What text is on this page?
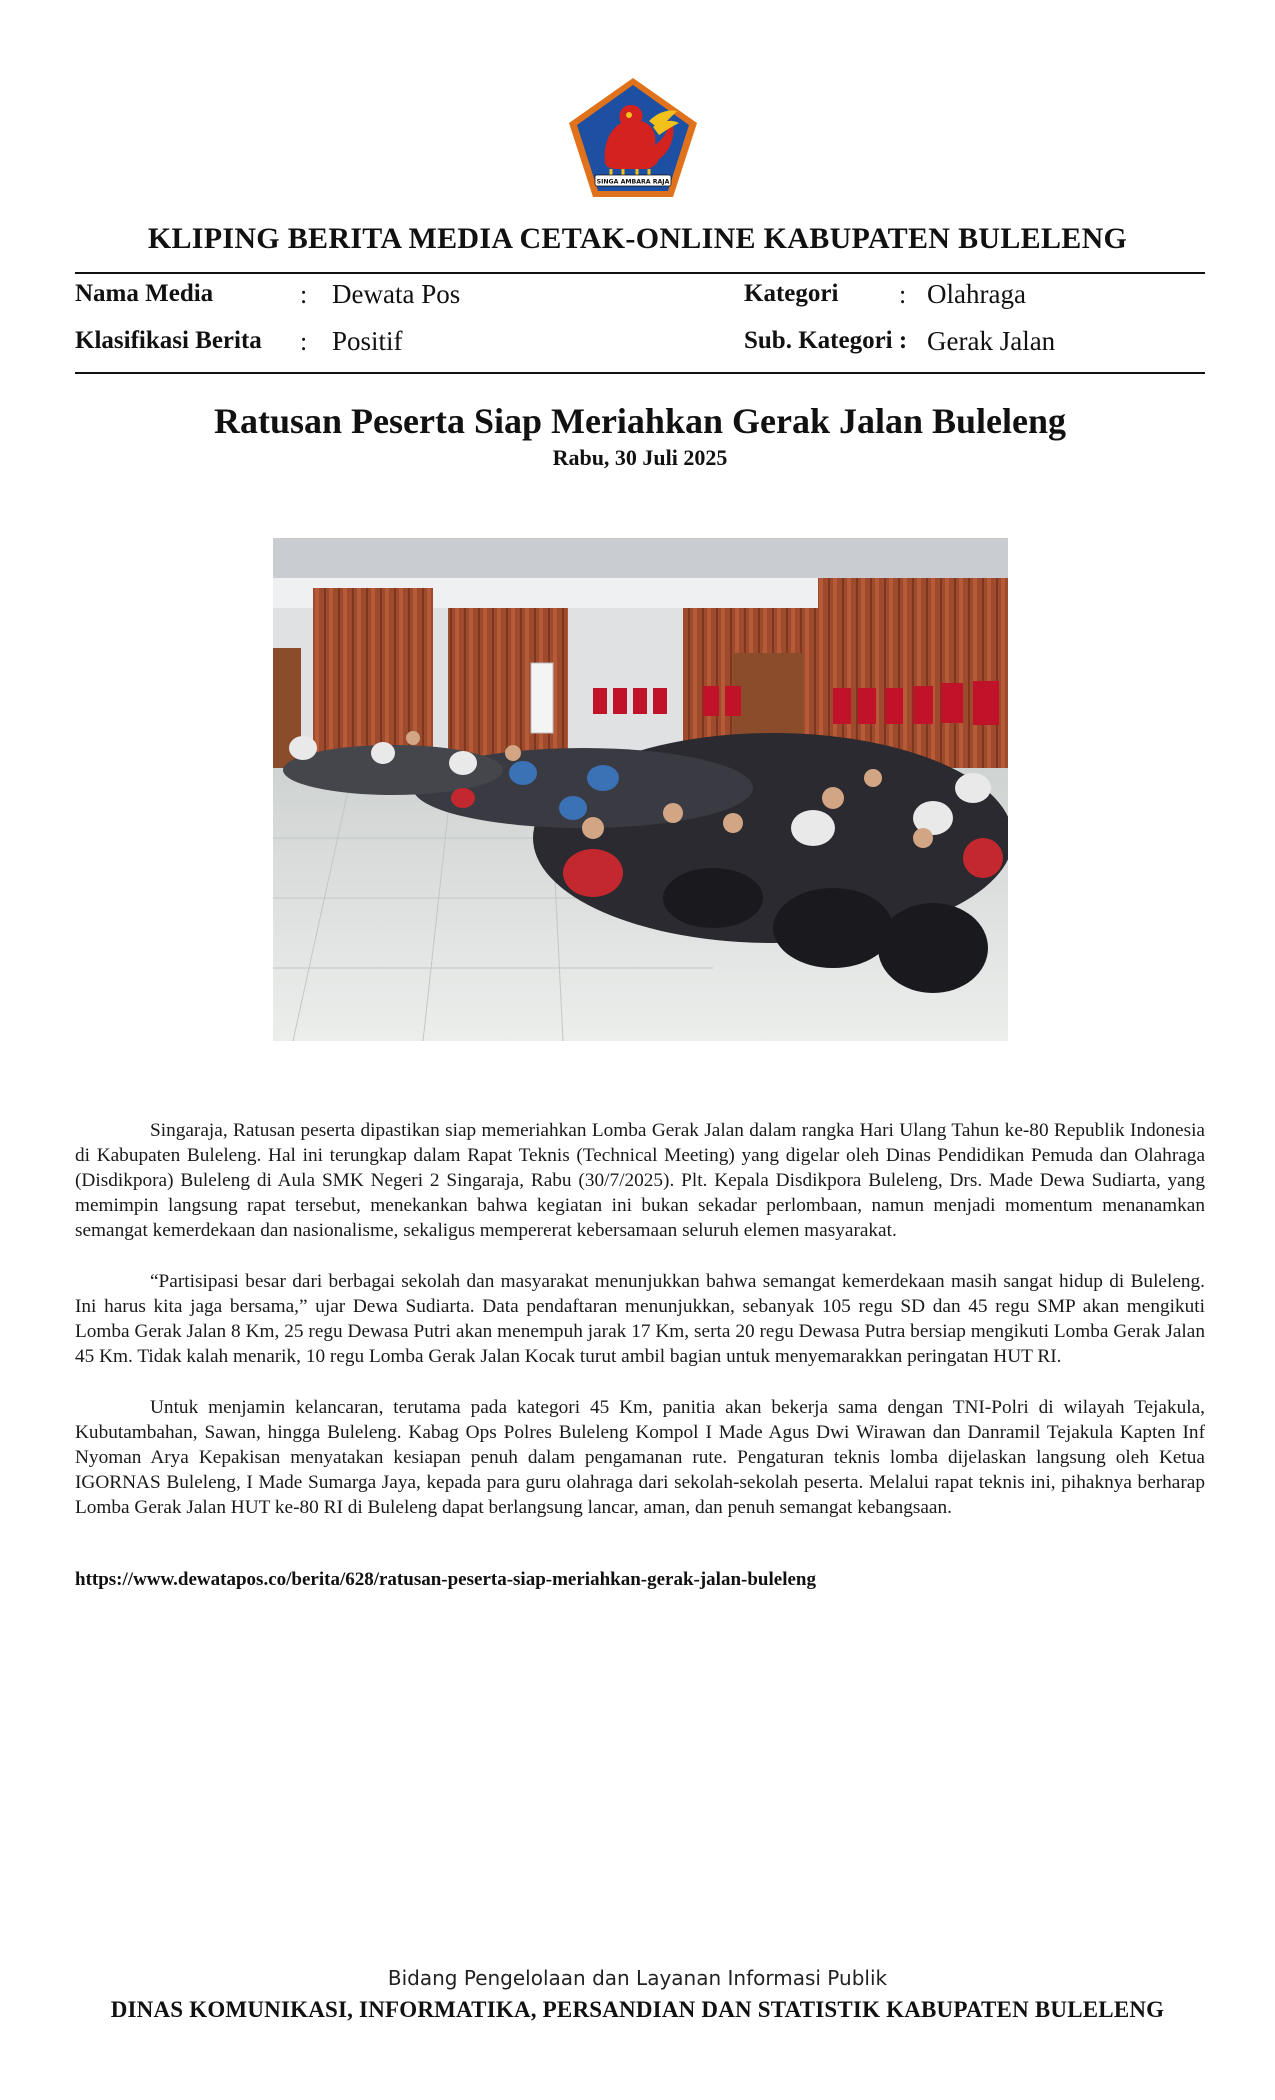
SINGA AMBARA RAJA
KLIPING BERITA MEDIA CETAK-ONLINE KABUPATEN BULELENG
Nama Media	: Dewata Pos	Kategori : Olahraga
Klasifikasi Berita : Positif	Sub. Kategori : Gerak Jalan
Ratusan Peserta Siap Meriahkan Gerak Jalan Buleleng
Rabu, 30 Juli 2025

Singaraja, Ratusan peserta dipastikan siap memeriahkan Lomba Gerak Jalan dalam rangka Hari Ulang Tahun ke-80 Republik Indonesia di Kabupaten Buleleng. Hal ini terungkap dalam Rapat Teknis (Technical Meeting) yang digelar oleh Dinas Pendidikan Pemuda dan Olahraga (Disdikpora) Buleleng di Aula SMK Negeri 2 Singaraja, Rabu (30/7/2025). Plt. Kepala Disdikpora Buleleng, Drs. Made Dewa Sudiarta, yang memimpin langsung rapat tersebut, menekankan bahwa kegiatan ini bukan sekadar perlombaan, namun menjadi momentum menanamkan semangat kemerdekaan dan nasionalisme, sekaligus mempererat kebersamaan seluruh elemen masyarakat.

“Partisipasi besar dari berbagai sekolah dan masyarakat menunjukkan bahwa semangat kemerdekaan masih sangat hidup di Buleleng. Ini harus kita jaga bersama,” ujar Dewa Sudiarta. Data pendaftaran menunjukkan, sebanyak 105 regu SD dan 45 regu SMP akan mengikuti Lomba Gerak Jalan 8 Km, 25 regu Dewasa Putri akan menempuh jarak 17 Km, serta 20 regu Dewasa Putra bersiap mengikuti Lomba Gerak Jalan 45 Km. Tidak kalah menarik, 10 regu Lomba Gerak Jalan Kocak turut ambil bagian untuk menyemarakkan peringatan HUT RI.

Untuk menjamin kelancaran, terutama pada kategori 45 Km, panitia akan bekerja sama dengan TNI-Polri di wilayah Tejakula, Kubutambahan, Sawan, hingga Buleleng. Kabag Ops Polres Buleleng Kompol I Made Agus Dwi Wirawan dan Danramil Tejakula Kapten Inf Nyoman Arya Kepakisan menyatakan kesiapan penuh dalam pengamanan rute. Pengaturan teknis lomba dijelaskan langsung oleh Ketua IGORNAS Buleleng, I Made Sumarga Jaya, kepada para guru olahraga dari sekolah-sekolah peserta. Melalui rapat teknis ini, pihaknya berharap Lomba Gerak Jalan HUT ke-80 RI di Buleleng dapat berlangsung lancar, aman, dan penuh semangat kebangsaan.

https://www.dewatapos.co/berita/628/ratusan-peserta-siap-meriahkan-gerak-jalan-buleleng
Bidang Pengelolaan dan Layanan Informasi Publik
DINAS KOMUNIKASI, INFORMATIKA, PERSANDIAN DAN STATISTIK KABUPATEN BULELENG
